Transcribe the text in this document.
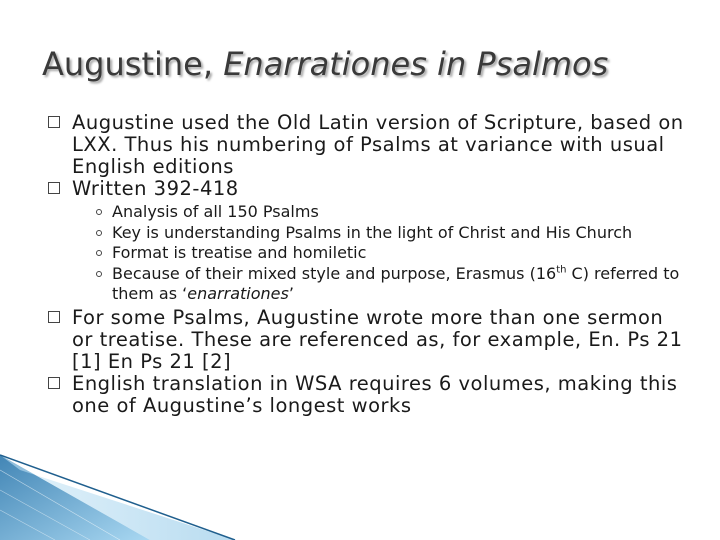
Augustine, Enarrationes in Psalmos

Augustine used the Old Latin version of Scripture, based on LXX. Thus his numbering of Psalms at variance with usual English editions

Written 392-418

Analysis of all 150 Psalms

Key is understanding Psalms in the light of Christ and His Church

Format is treatise and homiletic

Because of their mixed style and purpose, Erasmus (16th C) referred to them as ‘enarrationes’

For some Psalms, Augustine wrote more than one sermon or treatise. These are referenced as, for example, En. Ps 21 [1] En Ps 21 [2]

English translation in WSA requires 6 volumes, making this one of Augustine’s longest works
